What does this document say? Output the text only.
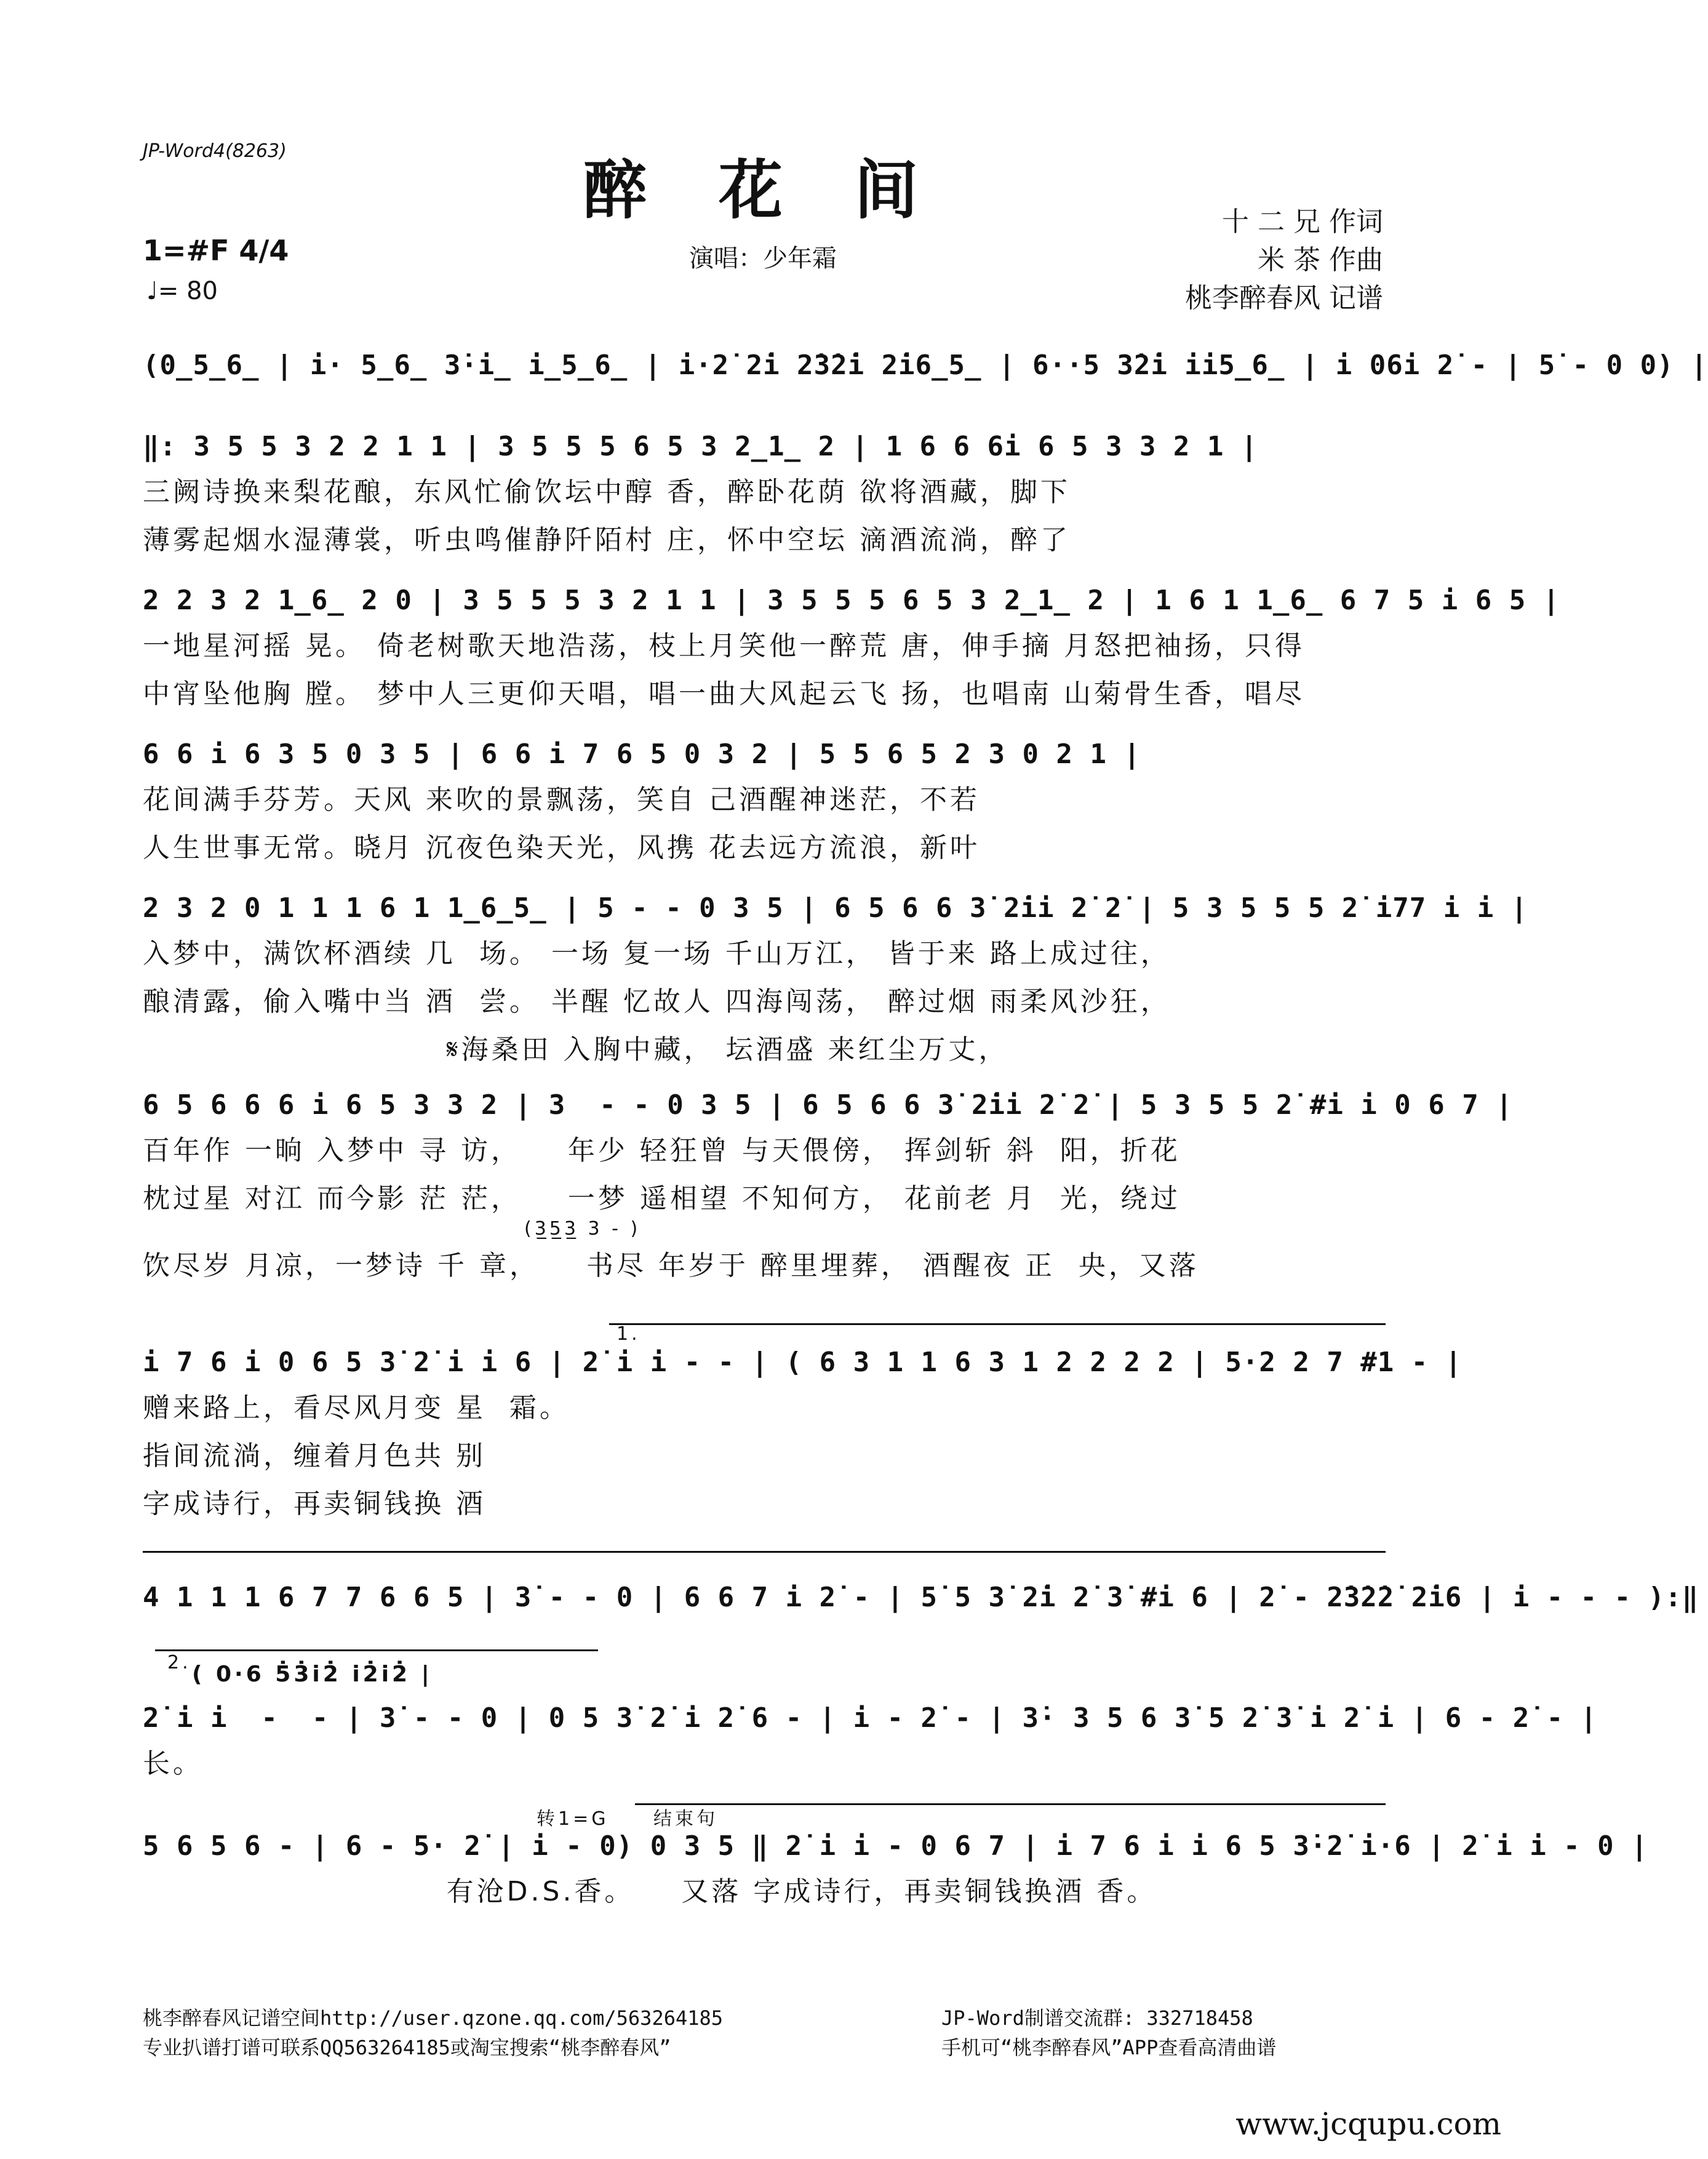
JP-Word4(8263)
醉 花 间
1=#F 4/4
♩= 80
演唱：少年霜
十 二 兄 作词
米 茶 作曲
桃李醉春风 记谱
(0̲5̲6̲ | i· 5̲6̲ 3̇·i̲ i̲5̲6̲ | i·2̇ 2̇i 2̇3̇2̇i 2̇i6̲5̲ | 6··5 3̇2̇i ii5̲6̲ | i 06i 2̇ - | 5̇ - 0 0) |
‖: 3 5 5 3 2 2 1 1 | 3 5 5 5 6 5 3 2̲1̲ 2 | 1 6 6 6i 6 5 3 3 2 1 |
三阙诗换来梨花酿，东风忙偷饮坛中醇 香，醉卧花荫 欲将酒藏，脚下
薄雾起烟水湿薄裳，听虫鸣催静阡陌村 庄，怀中空坛 滴酒流淌，醉了
2 2 3 2 1̲6̲ 2 0 | 3 5 5 5 3 2 1 1 | 3 5 5 5 6 5 3 2̲1̲ 2 | 1 6 1 1̲6̲ 6 7 5 i 6 5 |
一地星河摇 晃。 倚老树歌天地浩荡，枝上月笑他一醉荒 唐，伸手摘 月怒把袖扬，只得
中宵坠他胸 膛。 梦中人三更仰天唱，唱一曲大风起云飞 扬，也唱南 山菊骨生香，唱尽
6 6 i 6 3 5 0 3 5 | 6 6 i 7 6 5 0 3 2 | 5 5 6 5 2 3 0 2 1 |
花间满手芬芳。天风 来吹的景飘荡，笑自 己酒醒神迷茫，不若
人生世事无常。晓月 沉夜色染天光，风携 花去远方流浪，新叶
2 3 2 0 1 1 1 6 1 1̲6̲5̲ | 5 - - 0 3 5 | 6 5 6 6 3̇ 2̇ii 2̇ 2̇ | 5 3 5 5 5 2̇ i77 i i |
入梦中，满饮杯酒续 几  场。 一场 复一场 千山万江， 皆于来 路上成过往，
酿清露，偷入嘴中当 酒  尝。 半醒 忆故人 四海闯荡， 醉过烟 雨柔风沙狂，
𝄋海桑田 入胸中藏， 坛酒盛 来红尘万丈，
6 5 6 6 6 i 6 5 3 3 2 | 3  - - 0 3 5 | 6 5 6 6 3̇ 2̇ii 2̇ 2̇ | 5 3 5 5 2̇ #i i 0 6 7 |
百年作 一晌 入梦中 寻 访，    年少 轻狂曾 与天偎傍， 挥剑斩 斜  阳，折花
枕过星 对江 而今影 茫 茫，    一梦 遥相望 不知何方， 花前老 月  光，绕过
(3̲5̲3̲ 3 - )
饮尽岁 月凉，一梦诗 千 章，    书尽 年岁于 醉里埋葬， 酒醒夜 正  央，又落
1.
i 7 6 i 0 6 5 3̇ 2̇ i i 6 | 2̇ i i - - | ( 6 3 1 1 6 3 1 2 2 2 2 | 5·2 2 7 #1 - |
赠来路上，看尽风月变 星  霜。
指间流淌，缠着月色共 别
字成诗行，再卖铜钱换 酒
4 1 1 1 6 7 7 6 6 5 | 3̇ - - 0 | 6 6 7 i 2̇ - | 5̇ 5 3̇ 2̇i 2̇ 3̇ #i 6 | 2̇ - 2̇3̇2̇2̇ 2̇i6 | i - - - ):‖
2. ( 0·6 5̇3̇i2̇ i2̇i2̇ |
2̇ i i  -  - | 3̇ - - 0 | 0 5 3̇ 2̇ i 2̇ 6 - | i - 2̇ - | 3̇· 3 5 6 3̇ 5 2̇ 3̇ i 2̇ i | 6 - 2̇ - |
长。
转1=G 结束句
5 6 5 6 - | 6 - 5· 2̇ | i - 0) 0 3 5 ‖ 2̇ i i - 0 6 7 | i 7 6 i i 6 5 3̇·2̇ i·6 | 2̇ i i - 0 |
有沧D.S.香。    又落 字成诗行，再卖铜钱换酒 香。
桃李醉春风记谱空间http://user.qzone.qq.com/563264185
专业扒谱打谱可联系QQ563264185或淘宝搜索“桃李醉春风”
JP-Word制谱交流群: 332718458
手机可“桃李醉春风”APP查看高清曲谱
www.jcqupu.com
